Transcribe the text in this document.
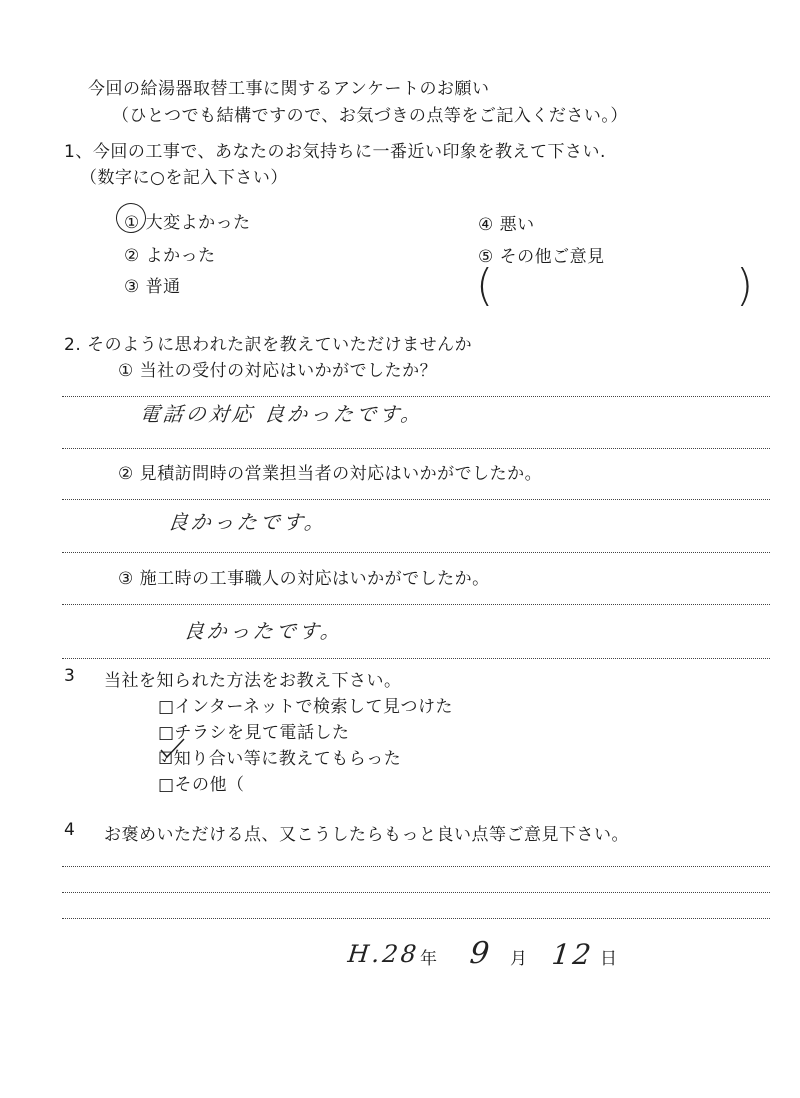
今回の給湯器取替工事に関するアンケートのお願い
（ひとつでも結構ですので、お気づきの点等をご記入ください。）
1、今回の工事で、あなたのお気持ちに一番近い印象を教えて下さい.
（数字に○を記入下さい）
① 大変よかった
② よかった
③ 普通
④ 悪い
⑤ その他ご意見
(	)
2. そのように思われた訳を教えていただけませんか
① 当社の受付の対応はいかがでしたか？
電話の対応 良かったです。
② 見積訪問時の営業担当者の対応はいかがでしたか。
良かったです。
③ 施工時の工事職人の対応はいかがでしたか。
良かったです。
3 当社を知られた方法をお教え下さい。
□インターネットで検索して見つけた
□チラシを見て電話した
☑知り合い等に教えてもらった
□その他（
4 お褒めいただける点、又こうしたらもっと良い点等ご意見下さい。
H.28 年 9 月 12 日
